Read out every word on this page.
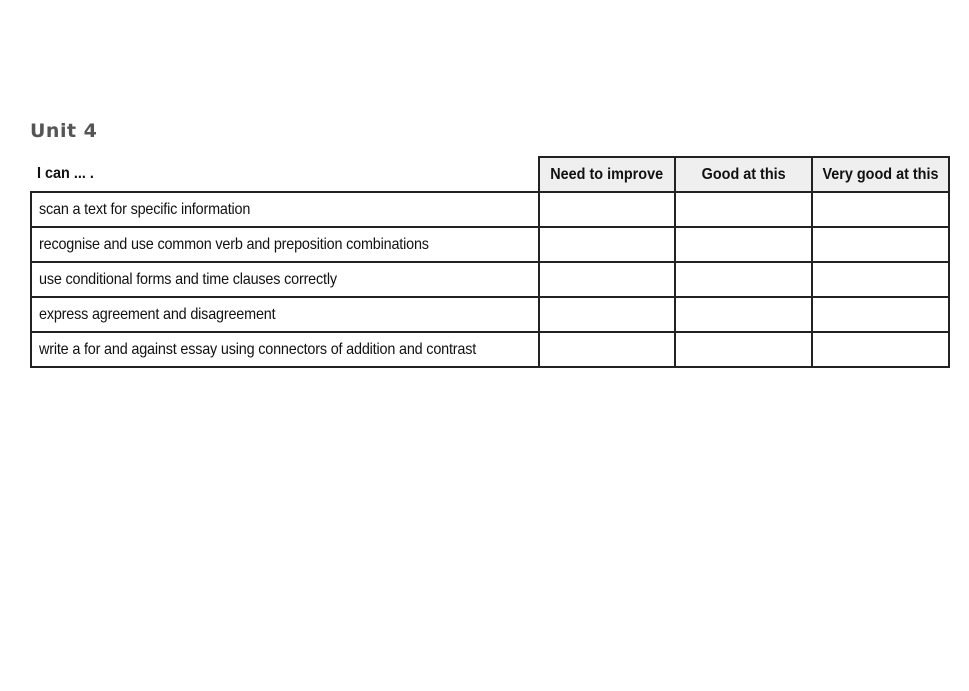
Unit 4
I can ... .	Need to improve	Good at this	Very good at this
scan a text for specific information			
recognise and use common verb and preposition combinations			
use conditional forms and time clauses correctly			
express agreement and disagreement			
write a for and against essay using connectors of addition and contrast			
